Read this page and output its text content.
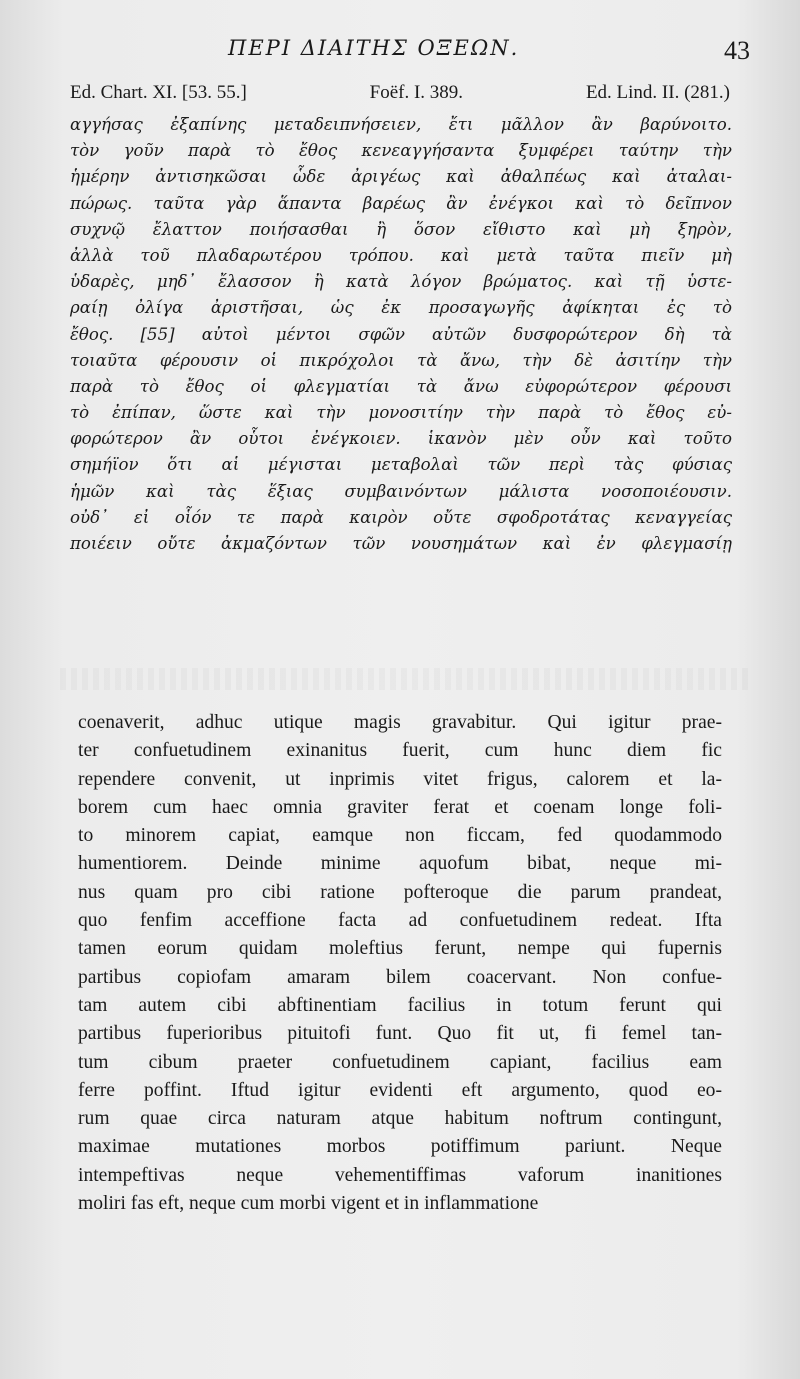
ΠΕΡΙ ΔΙΑΙΤΗΣ ΟΞΕΩΝ.	43
Ed. Chart. XI. [53. 55.]	Foëf. I. 389.	Ed. Lind. II. (281.)
αγγήσας ἐξαπίνης μεταδειπνήσειεν, ἔτι μᾶλλον ἂν βαρύνοιτο.
τὸν γοῦν παρὰ τὸ ἔθος κενεαγγήσαντα ξυμφέρει ταύτην τὴν
ἡμέρην ἀντισηκῶσαι ὧδε ἀριγέως καὶ ἀθαλπέως καὶ ἀταλαι-
πώρως. ταῦτα γὰρ ἅπαντα βαρέως ἂν ἐνέγκοι καὶ τὸ δεῖπνον
συχνῷ ἔλαττον ποιήσασθαι ἢ ὅσον εἴθιστο καὶ μὴ ξηρὸν,
ἀλλὰ τοῦ πλαδαρωτέρου τρόπου. καὶ μετὰ ταῦτα πιεῖν μὴ
ὑδαρὲς, μηδ᾽ ἔλασσον ἢ κατὰ λόγον βρώματος. καὶ τῇ ὑστε-
ραίῃ ὀλίγα ἀριστῆσαι, ὡς ἐκ προσαγωγῆς ἀφίκηται ἐς τὸ
ἔθος. [55] αὐτοὶ μέντοι σφῶν αὐτῶν δυσφορώτερον δὴ τὰ
τοιαῦτα φέρουσιν οἱ πικρόχολοι τὰ ἄνω, τὴν δὲ ἀσιτίην τὴν
παρὰ τὸ ἔθος οἱ φλεγματίαι τὰ ἄνω εὐφορώτερον φέρουσι
τὸ ἐπίπαν, ὥστε καὶ τὴν μονοσιτίην τὴν παρὰ τὸ ἔθος εὐ-
φορώτερον ἂν οὗτοι ἐνέγκοιεν. ἱκανὸν μὲν οὖν καὶ τοῦτο
σημήϊον ὅτι αἱ μέγισται μεταβολαὶ τῶν περὶ τὰς φύσιας
ἡμῶν καὶ τὰς ἕξιας συμβαινόντων μάλιστα νοσοποιέουσιν.
οὐδ᾽ εἰ οἷόν τε παρὰ καιρὸν οὔτε σφοδροτάτας κεναγγείας
ποιέειν οὔτε ἀκμαζόντων τῶν νουσημάτων καὶ ἐν φλεγμασίῃ
coenaverit, adhuc utique magis gravabitur. Qui igitur prae-
ter confuetudinem exinanitus fuerit, cum hunc diem fic
rependere convenit, ut inprimis vitet frigus, calorem et la-
borem cum haec omnia graviter ferat et coenam longe foli-
to minorem capiat, eamque non ficcam, fed quodammodo
humentiorem. Deinde minime aquofum bibat, neque mi-
nus quam pro cibi ratione pofteroque die parum prandeat,
quo fenfim acceffione facta ad confuetudinem redeat. Ifta
tamen eorum quidam moleftius ferunt, nempe qui fupernis
partibus copiofam amaram bilem coacervant. Non confue-
tam autem cibi abftinentiam facilius in totum ferunt qui
partibus fuperioribus pituitofi funt. Quo fit ut, fi femel tan-
tum cibum praeter confuetudinem capiant, facilius eam
ferre poffint. Iftud igitur evidenti eft argumento, quod eo-
rum quae circa naturam atque habitum noftrum contingunt,
maximae mutationes morbos potiffimum pariunt. Neque
intempeftivas neque vehementiffimas vaforum inanitiones
moliri fas eft, neque cum morbi vigent et in inflammatione
